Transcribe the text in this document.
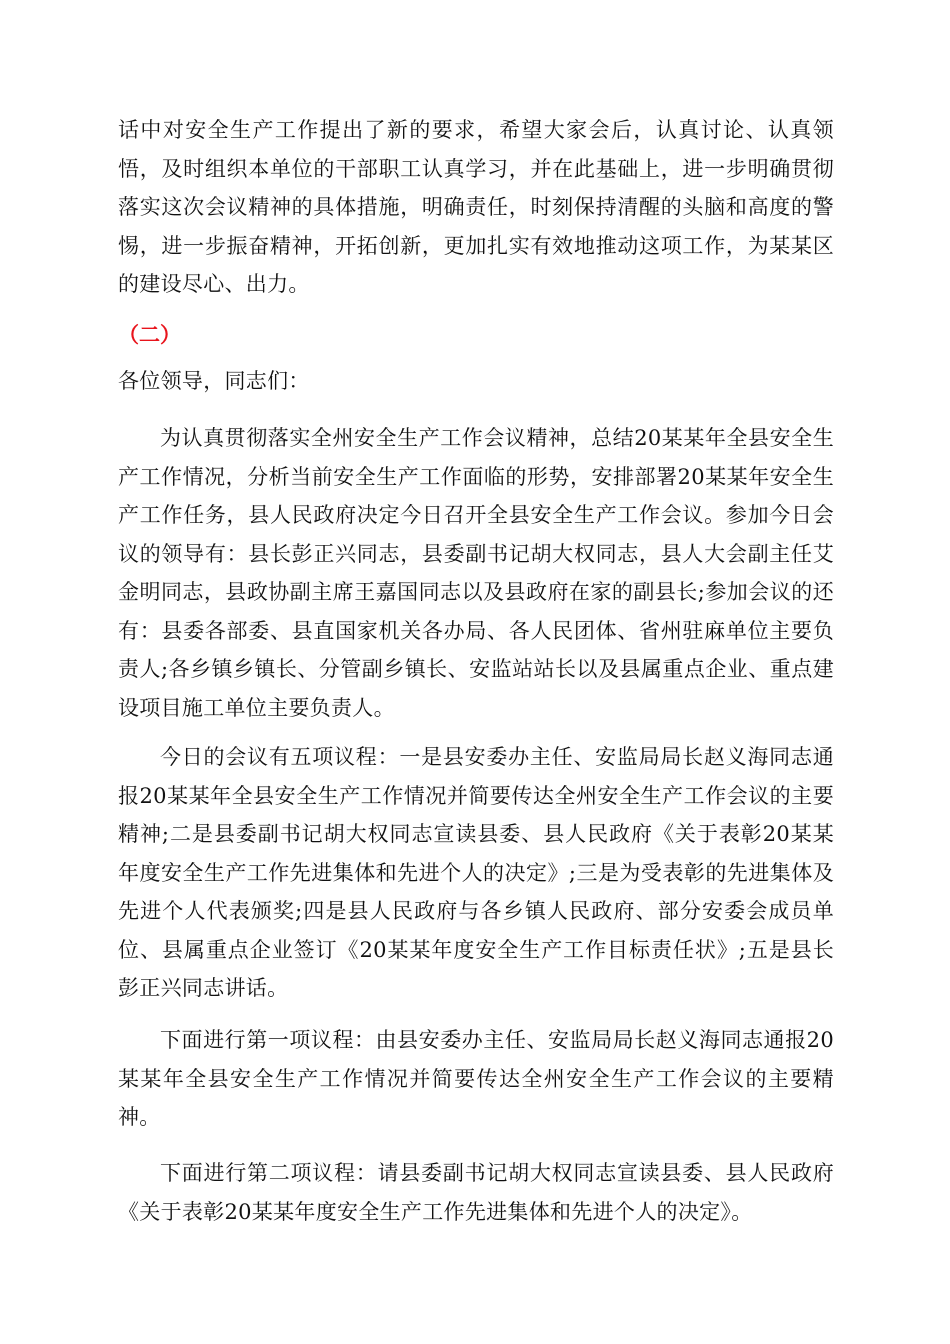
话中对安全生产工作提出了新的要求，希望大家会后，认真讨论、认真领悟，及时组织本单位的干部职工认真学习，并在此基础上，进一步明确贯彻落实这次会议精神的具体措施，明确责任，时刻保持清醒的头脑和高度的警惕，进一步振奋精神，开拓创新，更加扎实有效地推动这项工作，为某某区的建设尽心、出力。

（二）

各位领导，同志们：

为认真贯彻落实全州安全生产工作会议精神，总结20某某年全县安全生产工作情况，分析当前安全生产工作面临的形势，安排部署20某某年安全生产工作任务，县人民政府决定今日召开全县安全生产工作会议。参加今日会议的领导有：县长彭正兴同志，县委副书记胡大权同志，县人大会副主任艾金明同志，县政协副主席王嘉国同志以及县政府在家的副县长;参加会议的还有：县委各部委、县直国家机关各办局、各人民团体、省州驻麻单位主要负责人;各乡镇乡镇长、分管副乡镇长、安监站站长以及县属重点企业、重点建设项目施工单位主要负责人。

今日的会议有五项议程：一是县安委办主任、安监局局长赵义海同志通报20某某年全县安全生产工作情况并简要传达全州安全生产工作会议的主要精神;二是县委副书记胡大权同志宣读县委、县人民政府《关于表彰20某某年度安全生产工作先进集体和先进个人的决定》;三是为受表彰的先进集体及先进个人代表颁奖;四是县人民政府与各乡镇人民政府、部分安委会成员单位、县属重点企业签订《20某某年度安全生产工作目标责任状》;五是县长彭正兴同志讲话。

下面进行第一项议程：由县安委办主任、安监局局长赵义海同志通报20某某年全县安全生产工作情况并简要传达全州安全生产工作会议的主要精神。

下面进行第二项议程：请县委副书记胡大权同志宣读县委、县人民政府《关于表彰20某某年度安全生产工作先进集体和先进个人的决定》。
